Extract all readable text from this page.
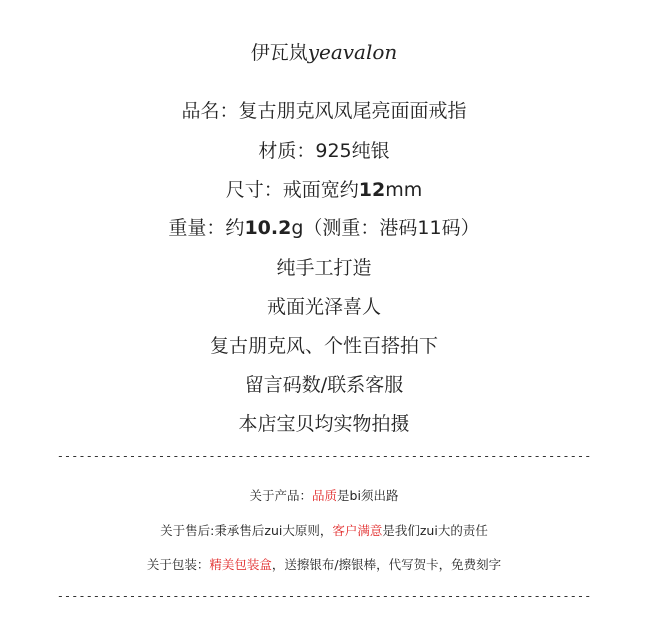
伊瓦岚yeavalon
品名：复古朋克风凤尾亮面面戒指
材质：925纯银
尺寸：戒面宽约12mm
重量：约10.2g（测重：港码11码）
纯手工打造
戒面光泽喜人
复古朋克风、个性百搭拍下
留言码数/联系客服
本店宝贝均实物拍摄
--------------------------------------------------------------------------
关于产品：品质是bi须出路
关于售后:秉承售后zui大原则，客户满意是我们zui大的责任
关于包装：精美包装盒，送擦银布/擦银棒，代写贺卡，免费刻字
--------------------------------------------------------------------------
